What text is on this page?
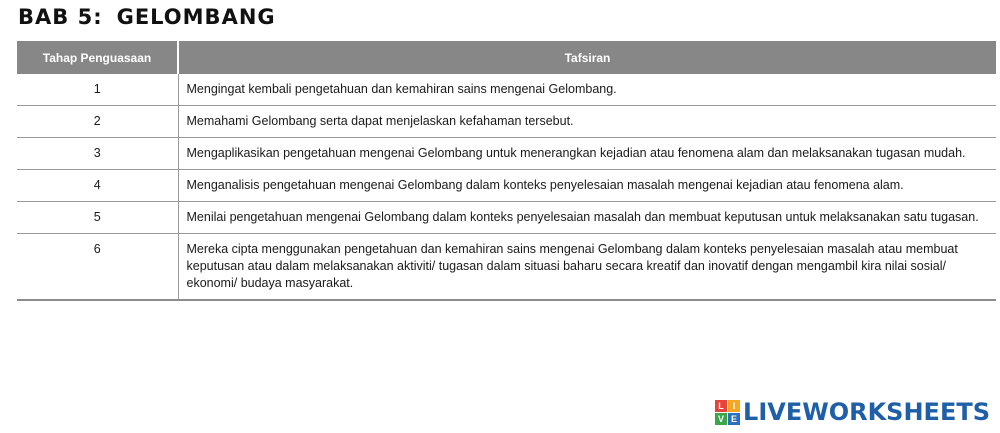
BAB 5: GELOMBANG
Tahap Penguasaan	Tafsiran
1	Mengingat kembali pengetahuan dan kemahiran sains mengenai Gelombang.
2	Memahami Gelombang serta dapat menjelaskan kefahaman tersebut.
3	Mengaplikasikan pengetahuan mengenai Gelombang untuk menerangkan kejadian atau fenomena alam dan melaksanakan tugasan mudah.
4	Menganalisis pengetahuan mengenai Gelombang dalam konteks penyelesaian masalah mengenai kejadian atau fenomena alam.
5	Menilai pengetahuan mengenai Gelombang dalam konteks penyelesaian masalah dan membuat keputusan untuk melaksanakan satu tugasan.
6	Mereka cipta menggunakan pengetahuan dan kemahiran sains mengenai Gelombang dalam konteks penyelesaian masalah atau membuat keputusan atau dalam melaksanakan aktiviti/ tugasan dalam situasi baharu secara kreatif dan inovatif dengan mengambil kira nilai sosial/ ekonomi/ budaya masyarakat.
L I
V E LIVEWORKSHEETS
